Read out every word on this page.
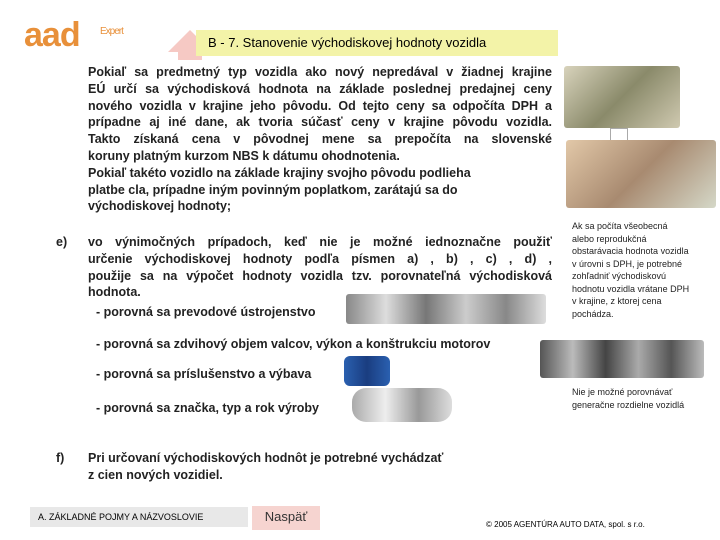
aad Expert
B - 7. Stanovenie východiskovej hodnoty vozidla
Pokiaľ sa predmetný typ vozidla ako nový nepredával v žiadnej krajine
EÚ určí sa východisková hodnota na základe poslednej predajnej ceny
nového vozidla v krajine jeho pôvodu. Od tejto ceny sa odpočíta DPH a
prípadne aj iné dane, ak tvoria súčasť ceny v krajine pôvodu vozidla.
Takto získaná cena v pôvodnej mene sa prepočíta na slovenské
koruny platným kurzom NBS k dátumu ohodnotenia.
Pokiaľ takéto vozidlo na základe krajiny svojho pôvodu podlieha
platbe cla, prípadne iným povinným poplatkom, zarátajú sa do
východiskovej hodnoty;
e) vo výnimočných prípadoch, keď nie je možné iednoznačne použiť
určenie východiskovej hodnoty podľa písmen a) , b) , c) , d) ,
použije sa na výpočet hodnoty vozidla tzv. porovnateľná východisková
hodnota.
Ak sa počíta všeobecná alebo reprodukčná obstarávacia hodnota vozidla v úrovni s DPH, je potrebné zohľadniť východiskovú hodnotu vozidla vrátane DPH v krajine, z ktorej cena pochádza.
- porovná sa prevodové ústrojenstvo
- porovná sa zdvihový objem valcov, výkon a konštrukciu motorov
- porovná sa príslušenstvo a výbava
- porovná sa značka, typ a rok výroby
Nie je možné porovnávať generačne rozdielne vozidlá
f) Pri určovaní východiskových hodnôt je potrebné vychádzať
z cien nových vozidiel.
A. ZÁKLADNÉ POJMY A NÁZVOSLOVIE	Naspäť
© 2005 AGENTÚRA AUTO DATA, spol. s r.o.
